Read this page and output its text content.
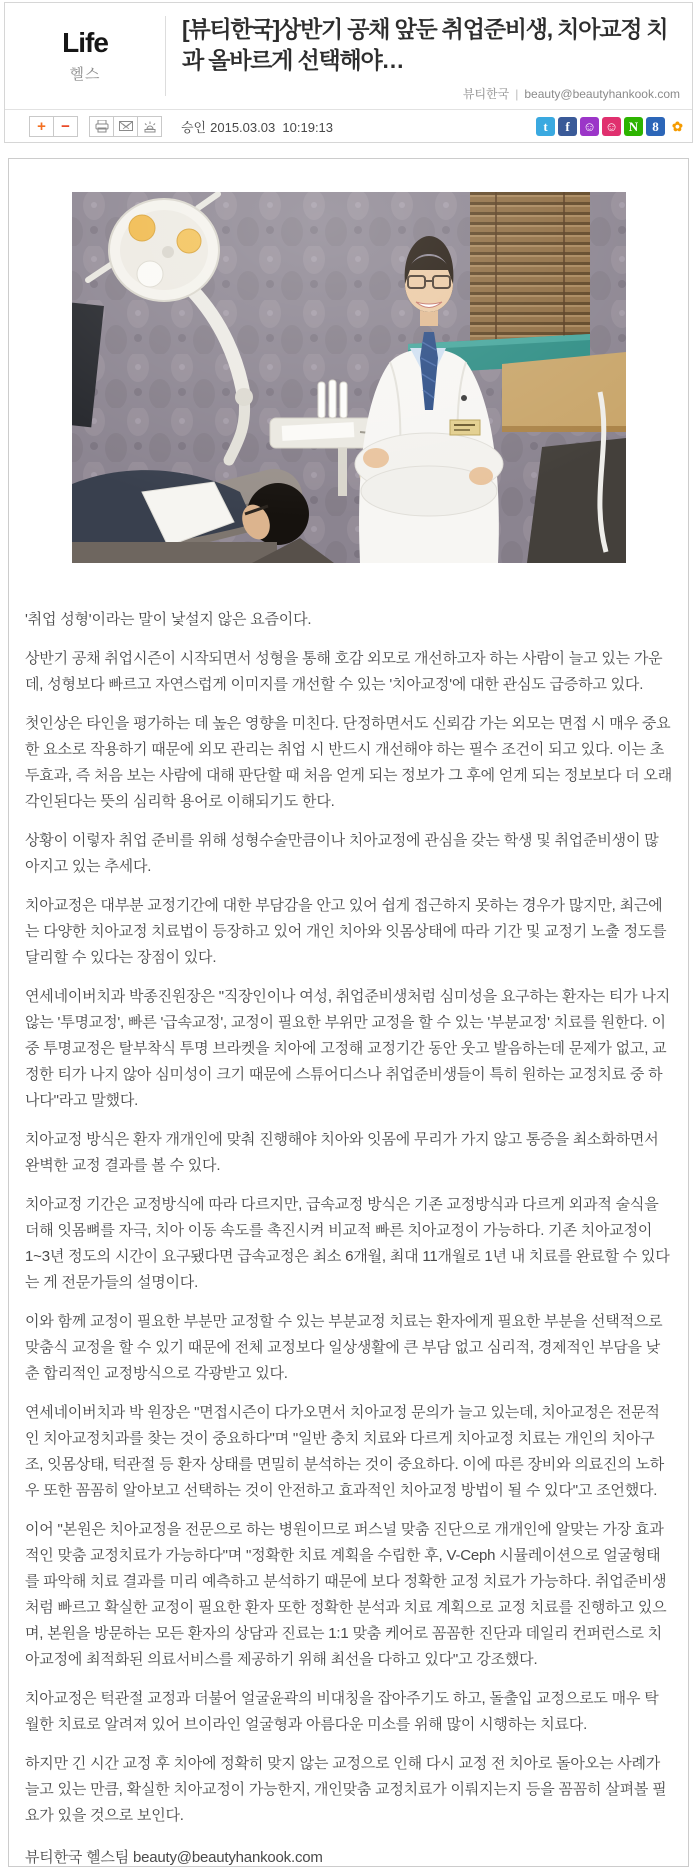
Life
헬스
[뷰티한국]상반기 공채 앞둔 취업준비생, 치아교정 치과 올바르게 선택해야…
뷰티한국 | beauty@beautyhankook.com
+ −	승인 2015.03.03  10:19:13	t f ☺ ☺ N 8 ✿

'취업 성형'이라는 말이 낯설지 않은 요즘이다.

상반기 공채 취업시즌이 시작되면서 성형을 통해 호감 외모로 개선하고자 하는 사람이 늘고 있는 가운데, 성형보다 빠르고 자연스럽게 이미지를 개선할 수 있는 '치아교정'에 대한 관심도 급증하고 있다.

첫인상은 타인을 평가하는 데 높은 영향을 미친다. 단정하면서도 신뢰감 가는 외모는 면접 시 매우 중요한 요소로 작용하기 때문에 외모 관리는 취업 시 반드시 개선해야 하는 필수 조건이 되고 있다. 이는 초두효과, 즉 처음 보는 사람에 대해 판단할 때 처음 얻게 되는 정보가 그 후에 얻게 되는 정보보다 더 오래 각인된다는 뜻의 심리학 용어로 이해되기도 한다.

상황이 이렇자 취업 준비를 위해 성형수술만큼이나 치아교정에 관심을 갖는 학생 및 취업준비생이 많아지고 있는 추세다.

치아교정은 대부분 교정기간에 대한 부담감을 안고 있어 쉽게 접근하지 못하는 경우가 많지만, 최근에는 다양한 치아교정 치료법이 등장하고 있어 개인 치아와 잇몸상태에 따라 기간 및 교정기 노출 정도를 달리할 수 있다는 장점이 있다.

연세네이버치과 박종진원장은 "직장인이나 여성, 취업준비생처럼 심미성을 요구하는 환자는 티가 나지 않는 '투명교정', 빠른 '급속교정', 교정이 필요한 부위만 교정을 할 수 있는 '부분교정' 치료를 원한다. 이중 투명교정은 탈부착식 투명 브라켓을 치아에 고정해 교정기간 동안 웃고 발음하는데 문제가 없고, 교정한 티가 나지 않아 심미성이 크기 때문에 스튜어디스나 취업준비생들이 특히 원하는 교정치료 중 하나다"라고 말했다.

치아교정 방식은 환자 개개인에 맞춰 진행해야 치아와 잇몸에 무리가 가지 않고 통증을 최소화하면서 완벽한 교정 결과를 볼 수 있다.

치아교정 기간은 교정방식에 따라 다르지만, 급속교정 방식은 기존 교정방식과 다르게 외과적 술식을 더해 잇몸뼈를 자극, 치아 이동 속도를 촉진시켜 비교적 빠른 치아교정이 가능하다. 기존 치아교정이 1~3년 정도의 시간이 요구됐다면 급속교정은 최소 6개월, 최대 11개월로 1년 내 치료를 완료할 수 있다는 게 전문가들의 설명이다.

이와 함께 교정이 필요한 부분만 교정할 수 있는 부분교정 치료는 환자에게 필요한 부분을 선택적으로 맞춤식 교정을 할 수 있기 때문에 전체 교정보다 일상생활에 큰 부담 없고 심리적, 경제적인 부담을 낮춘 합리적인 교정방식으로 각광받고 있다.

연세네이버치과 박 원장은 "면접시즌이 다가오면서 치아교정 문의가 늘고 있는데, 치아교정은 전문적인 치아교정치과를 찾는 것이 중요하다"며 "일반 충치 치료와 다르게 치아교정 치료는 개인의 치아구조, 잇몸상태, 턱관절 등 환자 상태를 면밀히 분석하는 것이 중요하다. 이에 따른 장비와 의료진의 노하우 또한 꼼꼼히 알아보고 선택하는 것이 안전하고 효과적인 치아교정 방법이 될 수 있다"고 조언했다.

이어 "본원은 치아교정을 전문으로 하는 병원이므로 퍼스널 맞춤 진단으로 개개인에 알맞는 가장 효과적인 맞춤 교정치료가 가능하다"며 "정확한 치료 계획을 수립한 후, V-Ceph 시뮬레이션으로 얼굴형태를 파악해 치료 결과를 미리 예측하고 분석하기 때문에 보다 정확한 교정 치료가 가능하다. 취업준비생처럼 빠르고 확실한 교정이 필요한 환자 또한 정확한 분석과 치료 계획으로 교정 치료를 진행하고 있으며, 본원을 방문하는 모든 환자의 상담과 진료는 1:1 맞춤 케어로 꼼꼼한 진단과 데일리 컨퍼런스로 치아교정에 최적화된 의료서비스를 제공하기 위해 최선을 다하고 있다"고 강조했다.

치아교정은 턱관절 교정과 더불어 얼굴윤곽의 비대칭을 잡아주기도 하고, 돌출입 교정으로도 매우 탁월한 치료로 알려져 있어 브이라인 얼굴형과 아름다운 미소를 위해 많이 시행하는 치료다.

하지만 긴 시간 교정 후 치아에 정확히 맞지 않는 교정으로 인해 다시 교정 전 치아로 돌아오는 사례가 늘고 있는 만큼, 확실한 치아교정이 가능한지, 개인맞춤 교정치료가 이뤄지는지 등을 꼼꼼히 살펴볼 필요가 있을 것으로 보인다.

뷰티한국 헬스팀 beauty@beautyhankook.com
